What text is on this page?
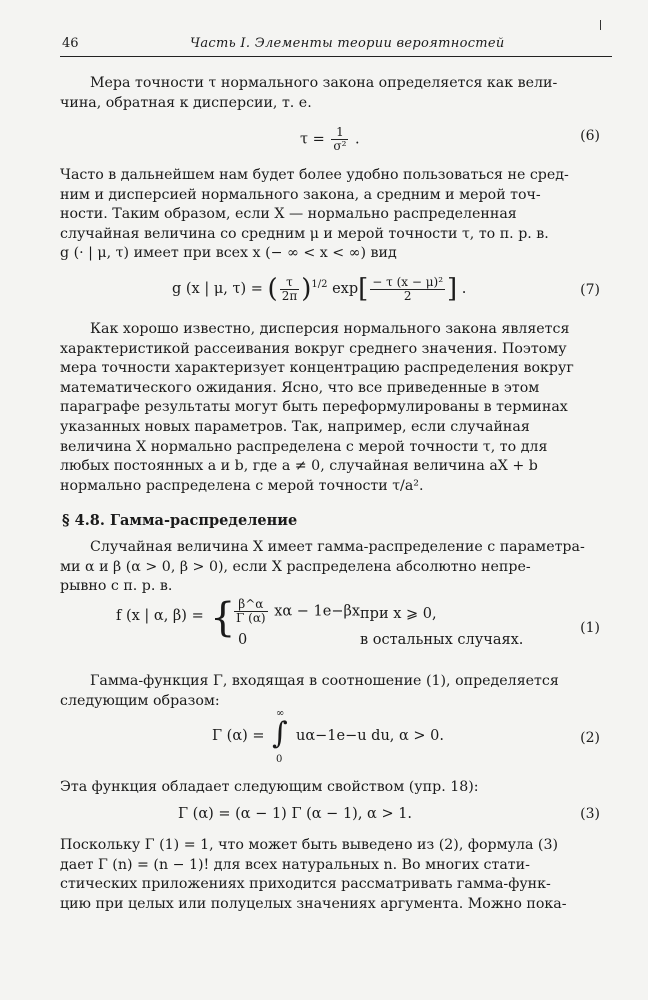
46	Часть I. Элементы теории вероятностей
Мера точности τ нормального закона определяется как вели-
чина, обратная к дисперсии, т. е.
$\tau = \frac{1}{\text{σ²}}$ .	(6)
Часто в дальнейшем нам будет более удобно пользоваться не сред-
ним и дисперсией нормального закона, а средним и мерой точ-
ности. Таким образом, если X — нормально распределенная
случайная величина со средним μ и мерой точности τ, то п. р. в.
g (· | μ, τ) имеет при всех x (− ∞ < x < ∞) вид
g (x | μ, τ) = ( $\frac{\tau}{2\pi} )^{1/2}$ $\exp[ \frac{\text{− τ (x − μ)²}}{2}$ ] .	(7)
Как хорошо известно, дисперсия нормального закона является
характеристикой рассеивания вокруг среднего значения. Поэтому
мера точности характеризует концентрацию распределения вокруг
математического ожидания. Ясно, что все приведенные в этом
параграфе результаты могут быть переформулированы в терминах
указанных новых параметров. Так, например, если случайная
величина X нормально распределена с мерой точности τ, то для
любых постоянных a и b, где a ≠ 0, случайная величина aX + b
нормально распределена с мерой точности τ/a².
§ 4.8. Гамма-распределение
Случайная величина X имеет гамма-распределение с параметра-
ми α и β (α > 0, β > 0), если X распределена абсолютно непре-
рывно с п. р. в.
f (x | α, β) = {
$\frac{\beta\^{}\alpha}{\Gamma (\alpha)}$ xα − 1e−βx при x ⩾ 0,
0	в остальных случаях.
(1)
Гамма-функция Γ, входящая в соотношение (1), определяется
следующим образом:
Γ (α) =
∞
∫
0
uα−1e−u du, α > 0.	(2)
Эта функция обладает следующим свойством (упр. 18):
Γ (α) = (α − 1) Γ (α − 1), α > 1.	(3)
Поскольку Γ (1) = 1, что может быть выведено из (2), формула (3)
дает Γ (n) = (n − 1)! для всех натуральных n. Во многих стати-
стических приложениях приходится рассматривать гамма-функ-
цию при целых или полуцелых значениях аргумента. Можно пока-
